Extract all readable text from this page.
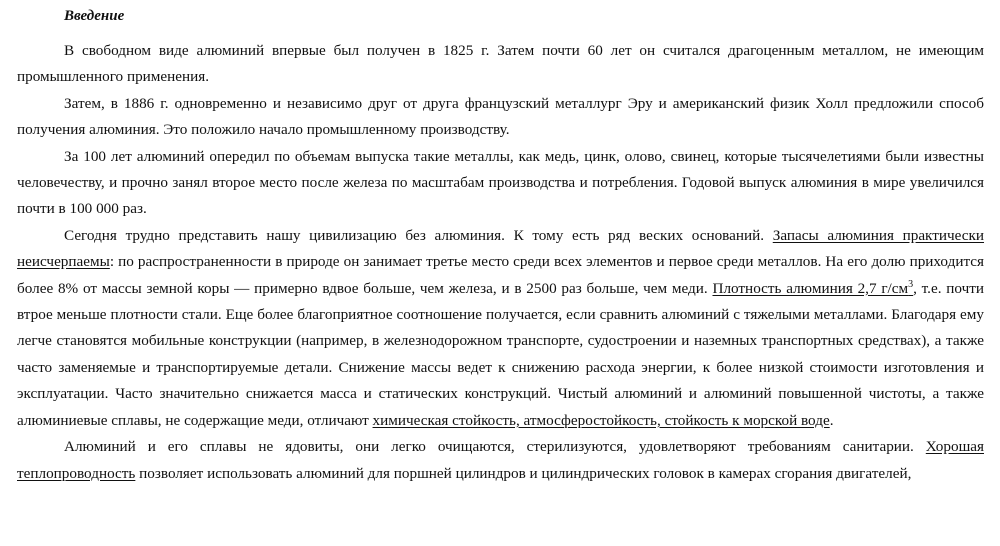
Введение

В свободном виде алюминий впервые был получен в 1825 г. Затем почти 60 лет он считался драгоценным металлом, не имеющим промышленного применения.

Затем, в 1886 г. одновременно и независимо друг от друга французский металлург Эру и американский физик Холл предложили способ получения алюминия. Это положило начало промышленному производству.

За 100 лет алюминий опередил по объемам выпуска такие металлы, как медь, цинк, олово, свинец, которые тысячелетиями были известны человечеству, и прочно занял второе место после железа по масштабам производства и потребления. Годовой выпуск алюминия в мире увеличился почти в 100 000 раз.

Сегодня трудно представить нашу цивилизацию без алюминия. К тому есть ряд веских оснований. Запасы алюминия практически неисчерпаемы: по распространенности в природе он занимает третье место среди всех элементов и первое среди металлов. На его долю приходится более 8% от массы земной коры — примерно вдвое больше, чем железа, и в 2500 раз больше, чем меди. Плотность алюминия 2,7 $г/см^3$, т.е. почти втрое меньше плотности стали. Еще более благоприятное соотношение получается, если сравнить алюминий с тяжелыми металлами. Благодаря ему легче становятся мобильные конструкции (например, в железнодорожном транспорте, судостроении и наземных транспортных средствах), а также часто заменяемые и транспортируемые детали. Снижение массы ведет к снижению расхода энергии, к более низкой стоимости изготовления и эксплуатации. Часто значительно снижается масса и статических конструкций. Чистый алюминий и алюминий повышенной чистоты, а также алюминиевые сплавы, не содержащие меди, отличают химическая стойкость, атмосферостойкость, стойкость к морской воде.

Алюминий и его сплавы не ядовиты, они легко очищаются, стерилизуются, удовлетворяют требованиям санитарии. Хорошая теплопроводность позволяет использовать алюминий для поршней цилиндров и цилиндрических головок в камерах сгорания двигателей,
